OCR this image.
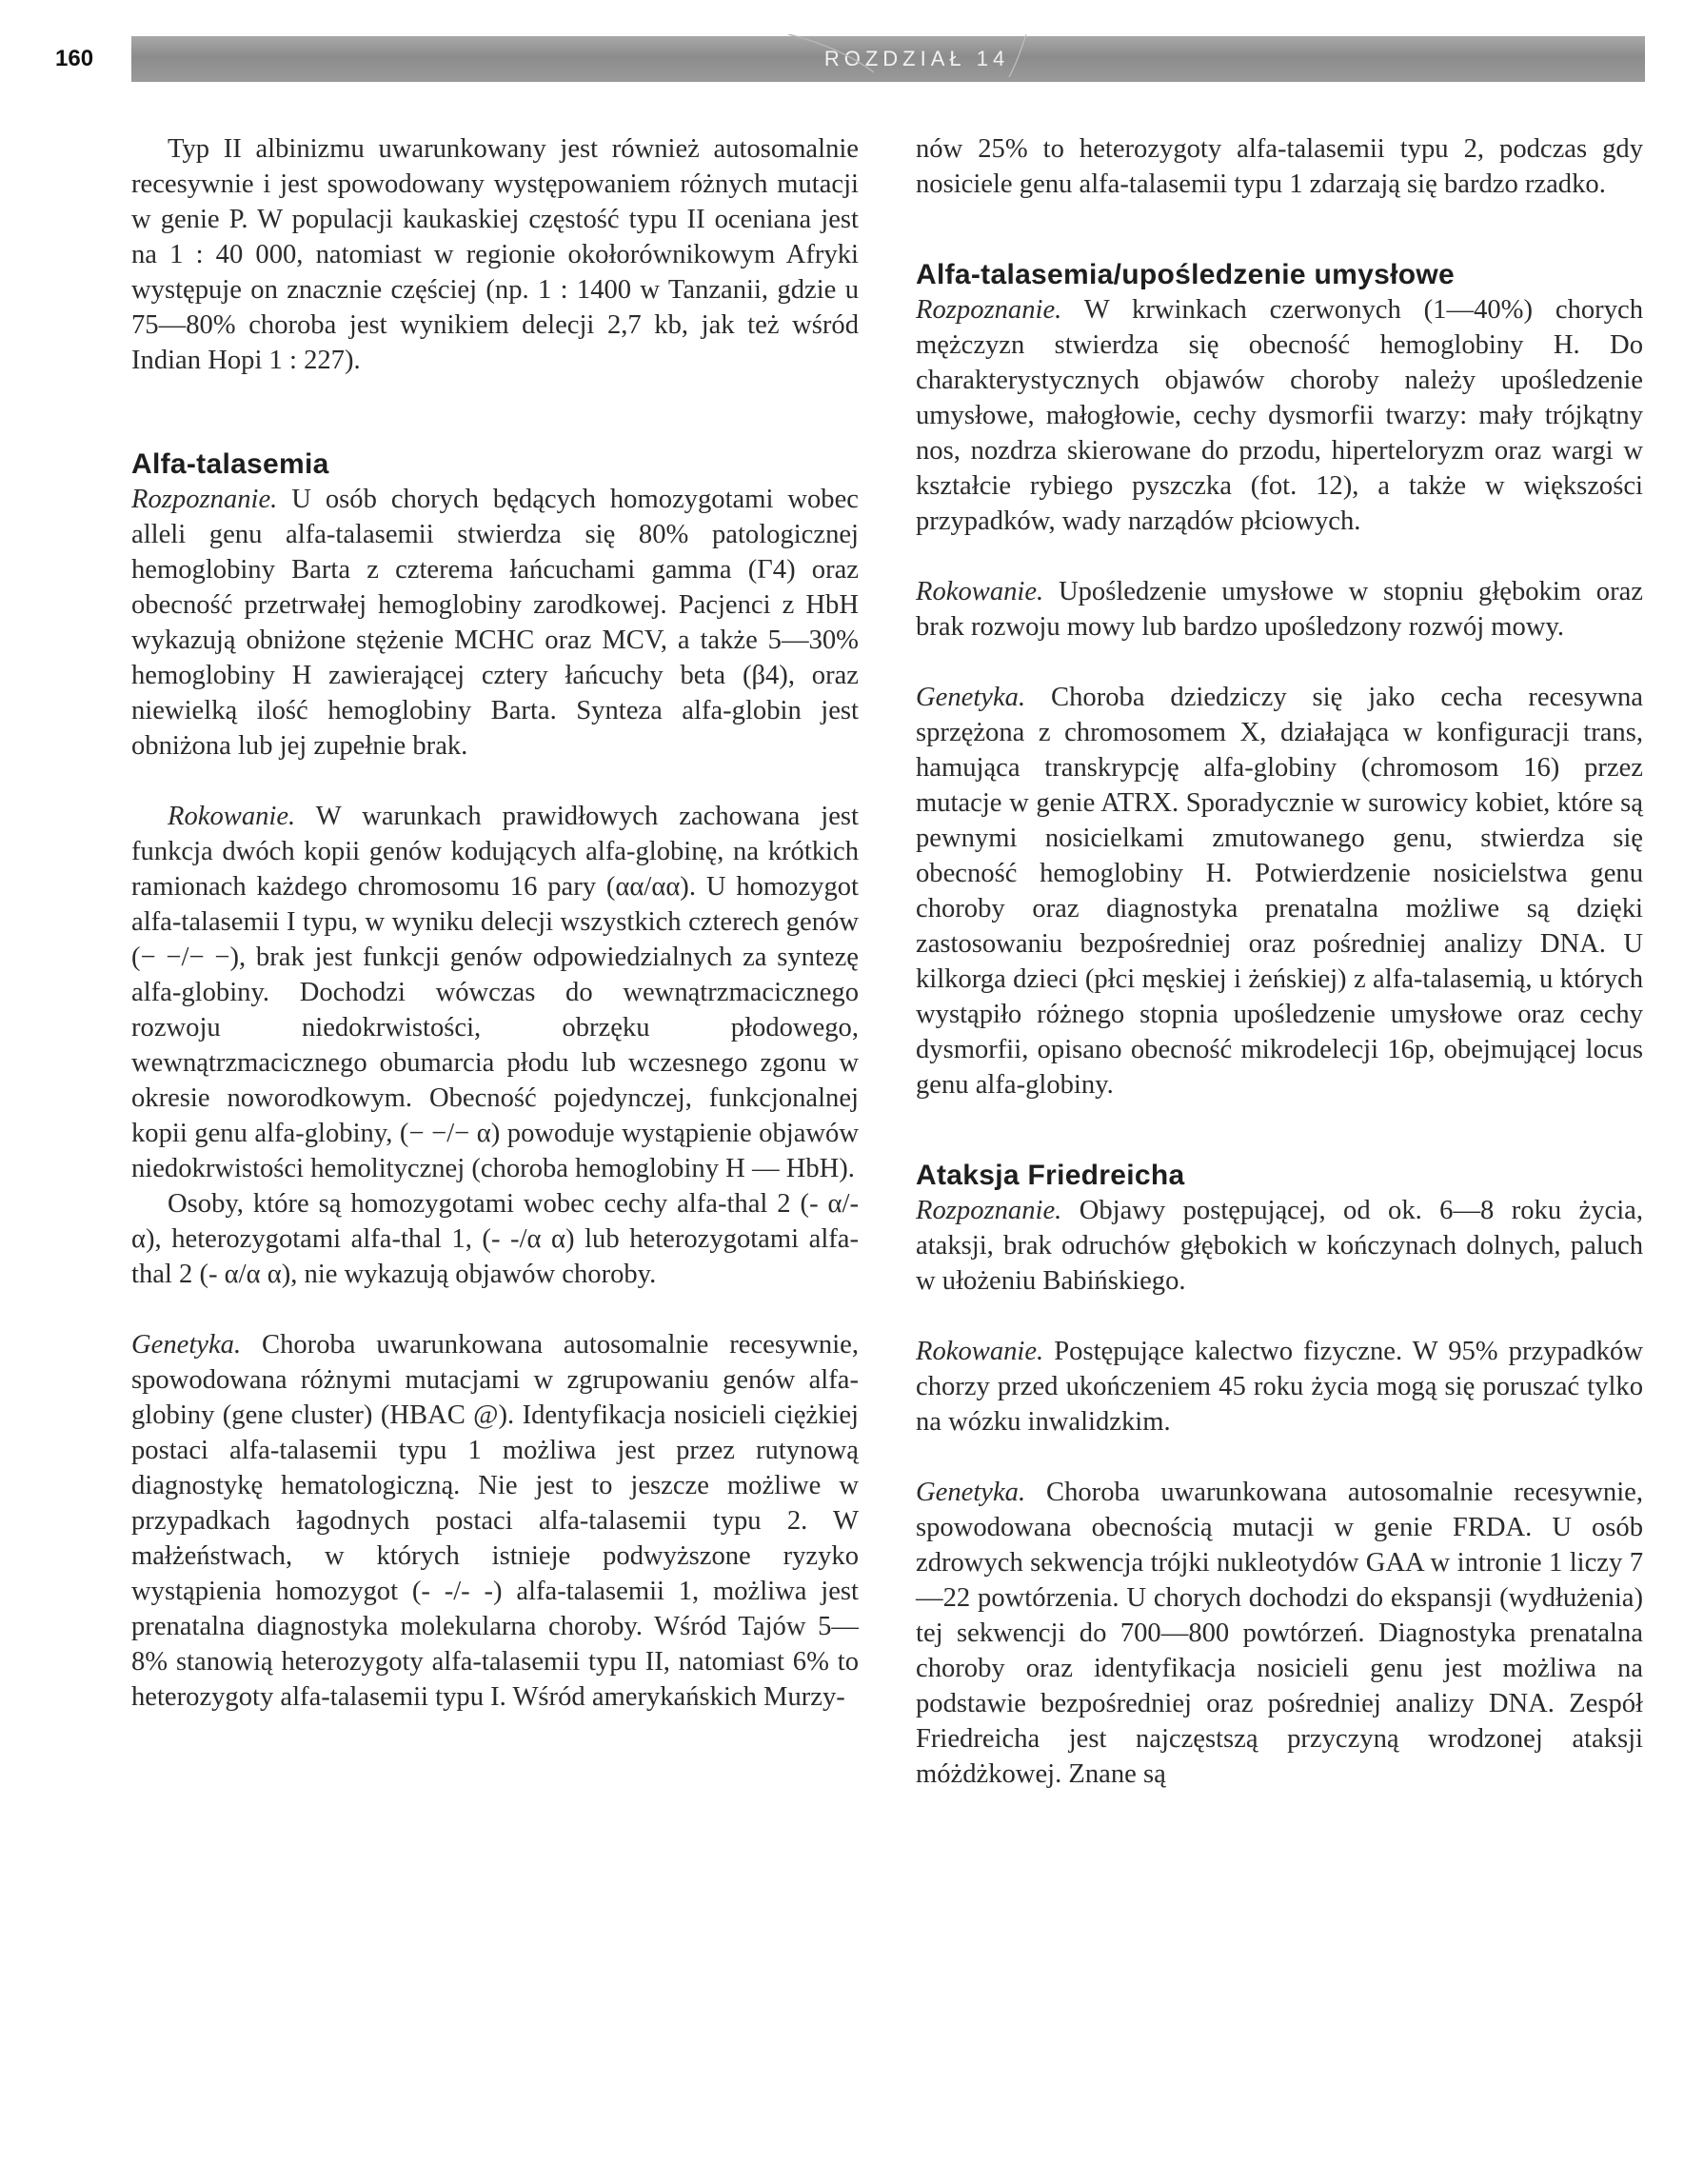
160	ROZDZIAŁ 14

Typ II albinizmu uwarunkowany jest również autosomalnie recesywnie i jest spowodowany występowaniem różnych mutacji w genie P. W populacji kaukaskiej częstość typu II oceniana jest na 1 : 40 000, natomiast w regionie okołorównikowym Afryki występuje on znacznie częściej (np. 1 : 1400 w Tanzanii, gdzie u 75—80% choroba jest wynikiem delecji 2,7 kb, jak też wśród Indian Hopi 1 : 227).

Alfa-talasemia

Rozpoznanie. U osób chorych będących homozygotami wobec alleli genu alfa-talasemii stwierdza się 80% patologicznej hemoglobiny Barta z czterema łańcuchami gamma (Γ4) oraz obecność przetrwałej hemoglobiny zarodkowej. Pacjenci z HbH wykazują obniżone stężenie MCHC oraz MCV, a także 5—30% hemoglobiny H zawierającej cztery łańcuchy beta (β4), oraz niewielką ilość hemoglobiny Barta. Synteza alfa-globin jest obniżona lub jej zupełnie brak.

Rokowanie. W warunkach prawidłowych zachowana jest funkcja dwóch kopii genów kodujących alfa-globinę, na krótkich ramionach każdego chromosomu 16 pary (αα/αα). U homozygot alfa-talasemii I typu, w wyniku delecji wszystkich czterech genów (− −/− −), brak jest funkcji genów odpowiedzialnych za syntezę alfa-globiny. Dochodzi wówczas do wewnątrzmacicznego rozwoju niedokrwistości, obrzęku płodowego, wewnątrzmacicznego obumarcia płodu lub wczesnego zgonu w okresie noworodkowym. Obecność pojedynczej, funkcjonalnej kopii genu alfa-globiny, (− −/− α) powoduje wystąpienie objawów niedokrwistości hemolitycznej (choroba hemoglobiny H — HbH).

Osoby, które są homozygotami wobec cechy alfa-thal 2 (- α/- α), heterozygotami alfa-thal 1, (- -/α α) lub heterozygotami alfa-thal 2 (- α/α α), nie wykazują objawów choroby.

Genetyka. Choroba uwarunkowana autosomalnie recesywnie, spowodowana różnymi mutacjami w zgrupowaniu genów alfa-globiny (gene cluster) (HBAC @). Identyfikacja nosicieli ciężkiej postaci alfa-talasemii typu 1 możliwa jest przez rutynową diagnostykę hematologiczną. Nie jest to jeszcze możliwe w przypadkach łagodnych postaci alfa-talasemii typu 2. W małżeństwach, w których istnieje podwyższone ryzyko wystąpienia homozygot (- -/- -) alfa-talasemii 1, możliwa jest prenatalna diagnostyka molekularna choroby. Wśród Tajów 5—8% stanowią heterozygoty alfa-talasemii typu II, natomiast 6% to heterozygoty alfa-talasemii typu I. Wśród amerykańskich Murzy-

nów 25% to heterozygoty alfa-talasemii typu 2, podczas gdy nosiciele genu alfa-talasemii typu 1 zdarzają się bardzo rzadko.

Alfa-talasemia/upośledzenie umysłowe

Rozpoznanie. W krwinkach czerwonych (1—40%) chorych mężczyzn stwierdza się obecność hemoglobiny H. Do charakterystycznych objawów choroby należy upośledzenie umysłowe, małogłowie, cechy dysmorfii twarzy: mały trójkątny nos, nozdrza skierowane do przodu, hiperteloryzm oraz wargi w kształcie rybiego pyszczka (fot. 12), a także w większości przypadków, wady narządów płciowych.

Rokowanie. Upośledzenie umysłowe w stopniu głębokim oraz brak rozwoju mowy lub bardzo upośledzony rozwój mowy.

Genetyka. Choroba dziedziczy się jako cecha recesywna sprzężona z chromosomem X, działająca w konfiguracji trans, hamująca transkrypcję alfa-globiny (chromosom 16) przez mutacje w genie ATRX. Sporadycznie w surowicy kobiet, które są pewnymi nosicielkami zmutowanego genu, stwierdza się obecność hemoglobiny H. Potwierdzenie nosicielstwa genu choroby oraz diagnostyka prenatalna możliwe są dzięki zastosowaniu bezpośredniej oraz pośredniej analizy DNA. U kilkorga dzieci (płci męskiej i żeńskiej) z alfa-talasemią, u których wystąpiło różnego stopnia upośledzenie umysłowe oraz cechy dysmorfii, opisano obecność mikrodelecji 16p, obejmującej locus genu alfa-globiny.

Ataksja Friedreicha

Rozpoznanie. Objawy postępującej, od ok. 6—8 roku życia, ataksji, brak odruchów głębokich w kończynach dolnych, paluch w ułożeniu Babińskiego.

Rokowanie. Postępujące kalectwo fizyczne. W 95% przypadków chorzy przed ukończeniem 45 roku życia mogą się poruszać tylko na wózku inwalidzkim.

Genetyka. Choroba uwarunkowana autosomalnie recesywnie, spowodowana obecnością mutacji w genie FRDA. U osób zdrowych sekwencja trójki nukleotydów GAA w intronie 1 liczy 7—22 powtórzenia. U chorych dochodzi do ekspansji (wydłużenia) tej sekwencji do 700—800 powtórzeń. Diagnostyka prenatalna choroby oraz identyfikacja nosicieli genu jest możliwa na podstawie bezpośredniej oraz pośredniej analizy DNA. Zespół Friedreicha jest najczęstszą przyczyną wrodzonej ataksji móżdżkowej. Znane są
